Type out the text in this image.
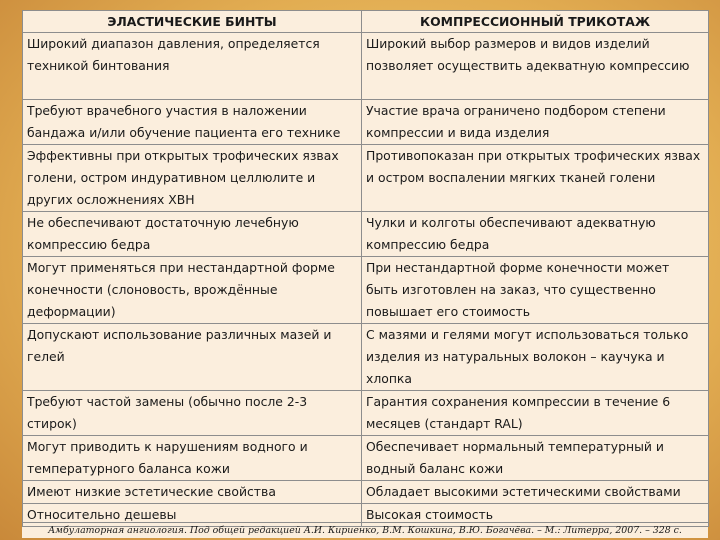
ЭЛАСТИЧЕСКИЕ БИНТЫ	КОМПРЕССИОННЫЙ ТРИКОТАЖ
Широкий диапазон давления, определяется техникой бинтования	Широкий выбор размеров и видов изделий позволяет осуществить адекватную компрессию
Требуют врачебного участия в наложении бандажа и/или обучение пациента его технике	Участие врача ограничено подбором степени компрессии и вида изделия
Эффективны при открытых трофических язвах голени, остром индуративном целлюлите и других осложнениях ХВН	Противопоказан при открытых трофических язвах и остром воспалении мягких тканей голени
Не обеспечивают достаточную лечебную компрессию бедра	Чулки и колготы обеспечивают адекватную компрессию бедра
Могут применяться при нестандартной форме конечности (слоновость, врождённые деформации)	При нестандартной форме конечности может быть изготовлен на заказ, что существенно повышает его стоимость
Допускают использование различных мазей и гелей	С мазями и гелями могут использоваться только изделия из натуральных волокон – каучука и хлопка
Требуют частой замены (обычно после 2-3 стирок)	Гарантия сохранения компрессии в течение 6 месяцев (стандарт RAL)
Могут приводить к нарушениям водного и температурного баланса кожи	Обеспечивает нормальный температурный и водный баланс кожи
Имеют низкие эстетические свойства	Обладает высокими эстетическими свойствами
Относительно дешевы	Высокая стоимость
Амбулаторная ангиология. Под общей редакцией А.И. Кириенко, В.М. Кошкина, В.Ю. Богачёва. – М.: Литерра, 2007. – 328 с.
